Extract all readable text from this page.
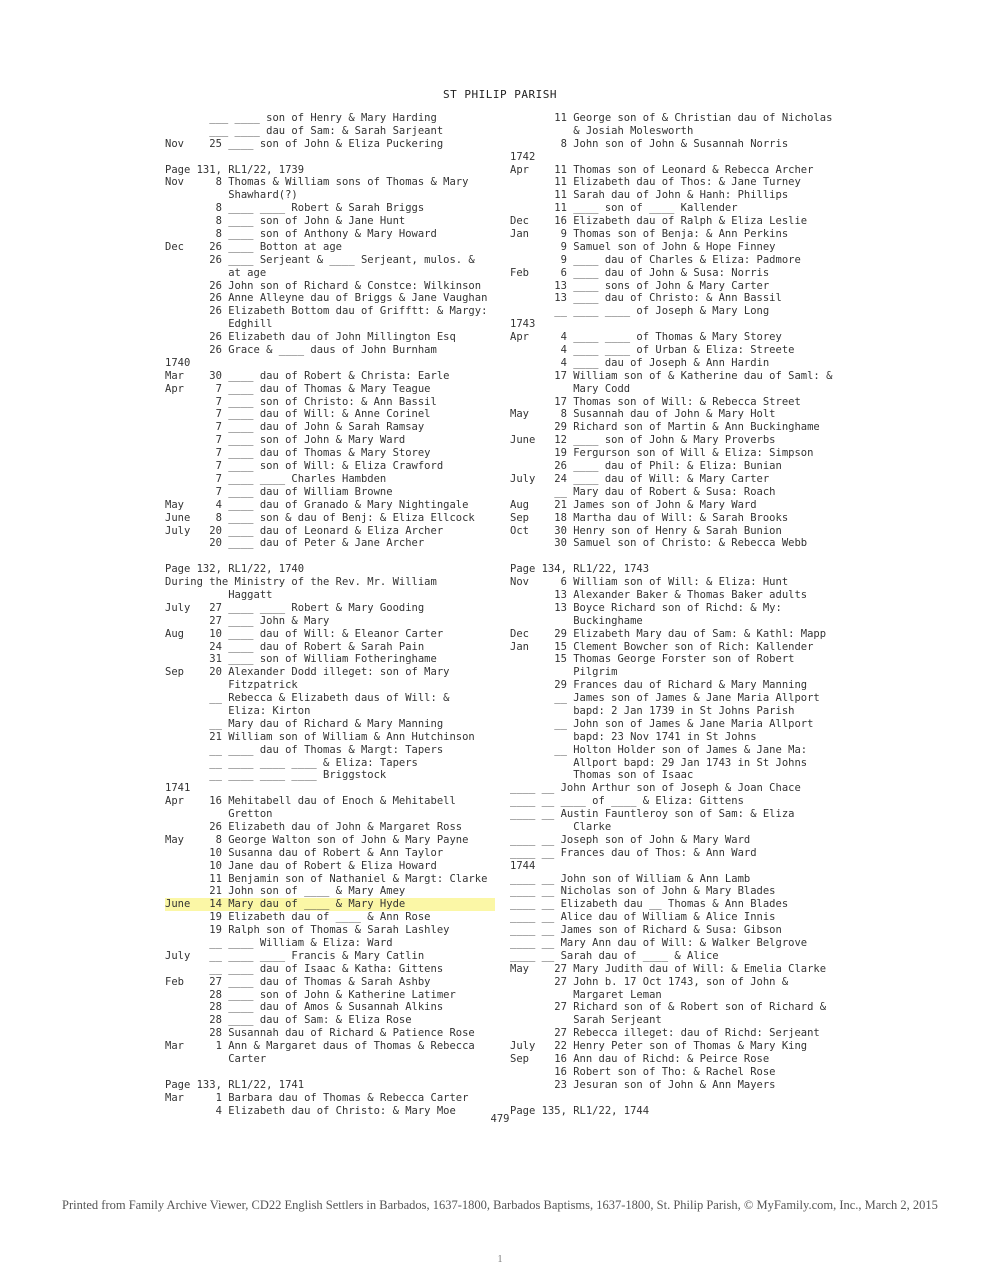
ST PHILIP PARISH
___ ____ son of Henry & Mary Harding
___ ____ dau of Sam: & Sarah Sarjeant
Nov    25 ____ son of John & Eliza Puckering
Page 131, RL1/22, 1739
Nov     8 Thomas & William sons of Thomas & Mary
Shawhard(?)
8 ____ ____ Robert & Sarah Briggs
8 ____ son of John & Jane Hunt
8 ____ son of Anthony & Mary Howard
Dec    26 ____ Botton at age
26 ____ Serjeant & ____ Serjeant, mulos. &
at age
26 John son of Richard & Constce: Wilkinson
26 Anne Alleyne dau of Briggs & Jane Vaughan
26 Elizabeth Bottom dau of Grifftt: & Margy:
Edghill
26 Elizabeth dau of John Millington Esq
26 Grace & ____ daus of John Burnham
1740
Mar    30 ____ dau of Robert & Christa: Earle
Apr     7 ____ dau of Thomas & Mary Teague
7 ____ son of Christo: & Ann Bassil
7 ____ dau of Will: & Anne Corinel
7 ____ dau of John & Sarah Ramsay
7 ____ son of John & Mary Ward
7 ____ dau of Thomas & Mary Storey
7 ____ son of Will: & Eliza Crawford
7 ____ ____ Charles Hambden
7 ____ dau of William Browne
May     4 ____ dau of Granado & Mary Nightingale
June    8 ____ son & dau of Benj: & Eliza Ellcock
July   20 ____ dau of Leonard & Eliza Archer
20 ____ dau of Peter & Jane Archer
Page 132, RL1/22, 1740
During the Ministry of the Rev. Mr. William
Haggatt
July   27 ____ ____ Robert & Mary Gooding
27 ____ John & Mary
Aug    10 ____ dau of Will: & Eleanor Carter
24 ____ dau of Robert & Sarah Pain
31 ____ son of William Fotheringhame
Sep    20 Alexander Dodd illeget: son of Mary
Fitzpatrick
__ Rebecca & Elizabeth daus of Will: &
Eliza: Kirton
__ Mary dau of Richard & Mary Manning
21 William son of William & Ann Hutchinson
__ ____ dau of Thomas & Margt: Tapers
__ ____ ____ ____ & Eliza: Tapers
__ ____ ____ ____ Briggstock
1741
Apr    16 Mehitabell dau of Enoch & Mehitabell
Gretton
26 Elizabeth dau of John & Margaret Ross
May     8 George Walton son of John & Mary Payne
10 Susanna dau of Robert & Ann Taylor
10 Jane dau of Robert & Eliza Howard
11 Benjamin son of Nathaniel & Margt: Clarke
21 John son of ____ & Mary Amey
June   14 Mary dau of ____ & Mary Hyde
19 Elizabeth dau of ____ & Ann Rose
19 Ralph son of Thomas & Sarah Lashley
__ ____ William & Eliza: Ward
July   __ ____ ____ Francis & Mary Catlin
__ ____ dau of Isaac & Katha: Gittens
Feb    27 ____ dau of Thomas & Sarah Ashby
28 ____ son of John & Katherine Latimer
28 ____ dau of Amos & Susannah Alkins
28 ____ dau of Sam: & Eliza Rose
28 Susannah dau of Richard & Patience Rose
Mar     1 Ann & Margaret daus of Thomas & Rebecca
Carter
Page 133, RL1/22, 1741
Mar     1 Barbara dau of Thomas & Rebecca Carter
4 Elizabeth dau of Christo: & Mary Moe
11 George son of & Christian dau of Nicholas
& Josiah Molesworth
8 John son of John & Susannah Norris
1742
Apr    11 Thomas son of Leonard & Rebecca Archer
11 Elizabeth dau of Thos: & Jane Turney
11 Sarah dau of John & Hanh: Phillips
11 ____ son of ____ Kallender
Dec    16 Elizabeth dau of Ralph & Eliza Leslie
Jan     9 Thomas son of Benja: & Ann Perkins
9 Samuel son of John & Hope Finney
9 ____ dau of Charles & Eliza: Padmore
Feb     6 ____ dau of John & Susa: Norris
13 ____ sons of John & Mary Carter
13 ____ dau of Christo: & Ann Bassil
__ ____ ____ of Joseph & Mary Long
1743
Apr     4 ____ ____ of Thomas & Mary Storey
4 ____ ____ of Urban & Eliza: Streete
4 ____ dau of Joseph & Ann Hardin
17 William son of & Katherine dau of Saml: &
Mary Codd
17 Thomas son of Will: & Rebecca Street
May     8 Susannah dau of John & Mary Holt
29 Richard son of Martin & Ann Buckinghame
June   12 ____ son of John & Mary Proverbs
19 Fergurson son of Will & Eliza: Simpson
26 ____ dau of Phil: & Eliza: Bunian
July   24 ____ dau of Will: & Mary Carter
__ Mary dau of Robert & Susa: Roach
Aug    21 James son of John & Mary Ward
Sep    18 Martha dau of Will: & Sarah Brooks
Oct    30 Henry son of Henry & Sarah Bunion
30 Samuel son of Christo: & Rebecca Webb
Page 134, RL1/22, 1743
Nov     6 William son of Will: & Eliza: Hunt
13 Alexander Baker & Thomas Baker adults
13 Boyce Richard son of Richd: & My:
Buckinghame
Dec    29 Elizabeth Mary dau of Sam: & Kathl: Mapp
Jan    15 Clement Bowcher son of Rich: Kallender
15 Thomas George Forster son of Robert
Pilgrim
29 Frances dau of Richard & Mary Manning
__ James son of James & Jane Maria Allport
bapd: 2 Jan 1739 in St Johns Parish
__ John son of James & Jane Maria Allport
bapd: 23 Nov 1741 in St Johns
__ Holton Holder son of James & Jane Ma:
Allport bapd: 29 Jan 1743 in St Johns
Thomas son of Isaac
____ __ John Arthur son of Joseph & Joan Chace
____ __ ____ of ____ & Eliza: Gittens
____ __ Austin Fauntleroy son of Sam: & Eliza
Clarke
____ __ Joseph son of John & Mary Ward
____ __ Frances dau of Thos: & Ann Ward
1744
____ __ John son of William & Ann Lamb
____ __ Nicholas son of John & Mary Blades
____ __ Elizabeth dau __ Thomas & Ann Blades
____ __ Alice dau of William & Alice Innis
____ __ James son of Richard & Susa: Gibson
____ __ Mary Ann dau of Will: & Walker Belgrove
____ __ Sarah dau of ____ & Alice
May    27 Mary Judith dau of Will: & Emelia Clarke
27 John b. 17 Oct 1743, son of John &
Margaret Leman
27 Richard son of & Robert son of Richard &
Sarah Serjeant
27 Rebecca illeget: dau of Richd: Serjeant
July   22 Henry Peter son of Thomas & Mary King
Sep    16 Ann dau of Richd: & Peirce Rose
16 Robert son of Tho: & Rachel Rose
23 Jesuran son of John & Ann Mayers
Page 135, RL1/22, 1744
479
Printed from Family Archive Viewer, CD22 English Settlers in Barbados, 1637-1800, Barbados Baptisms, 1637-1800, St. Philip Parish, © MyFamily.com, Inc., March 2, 2015
1
